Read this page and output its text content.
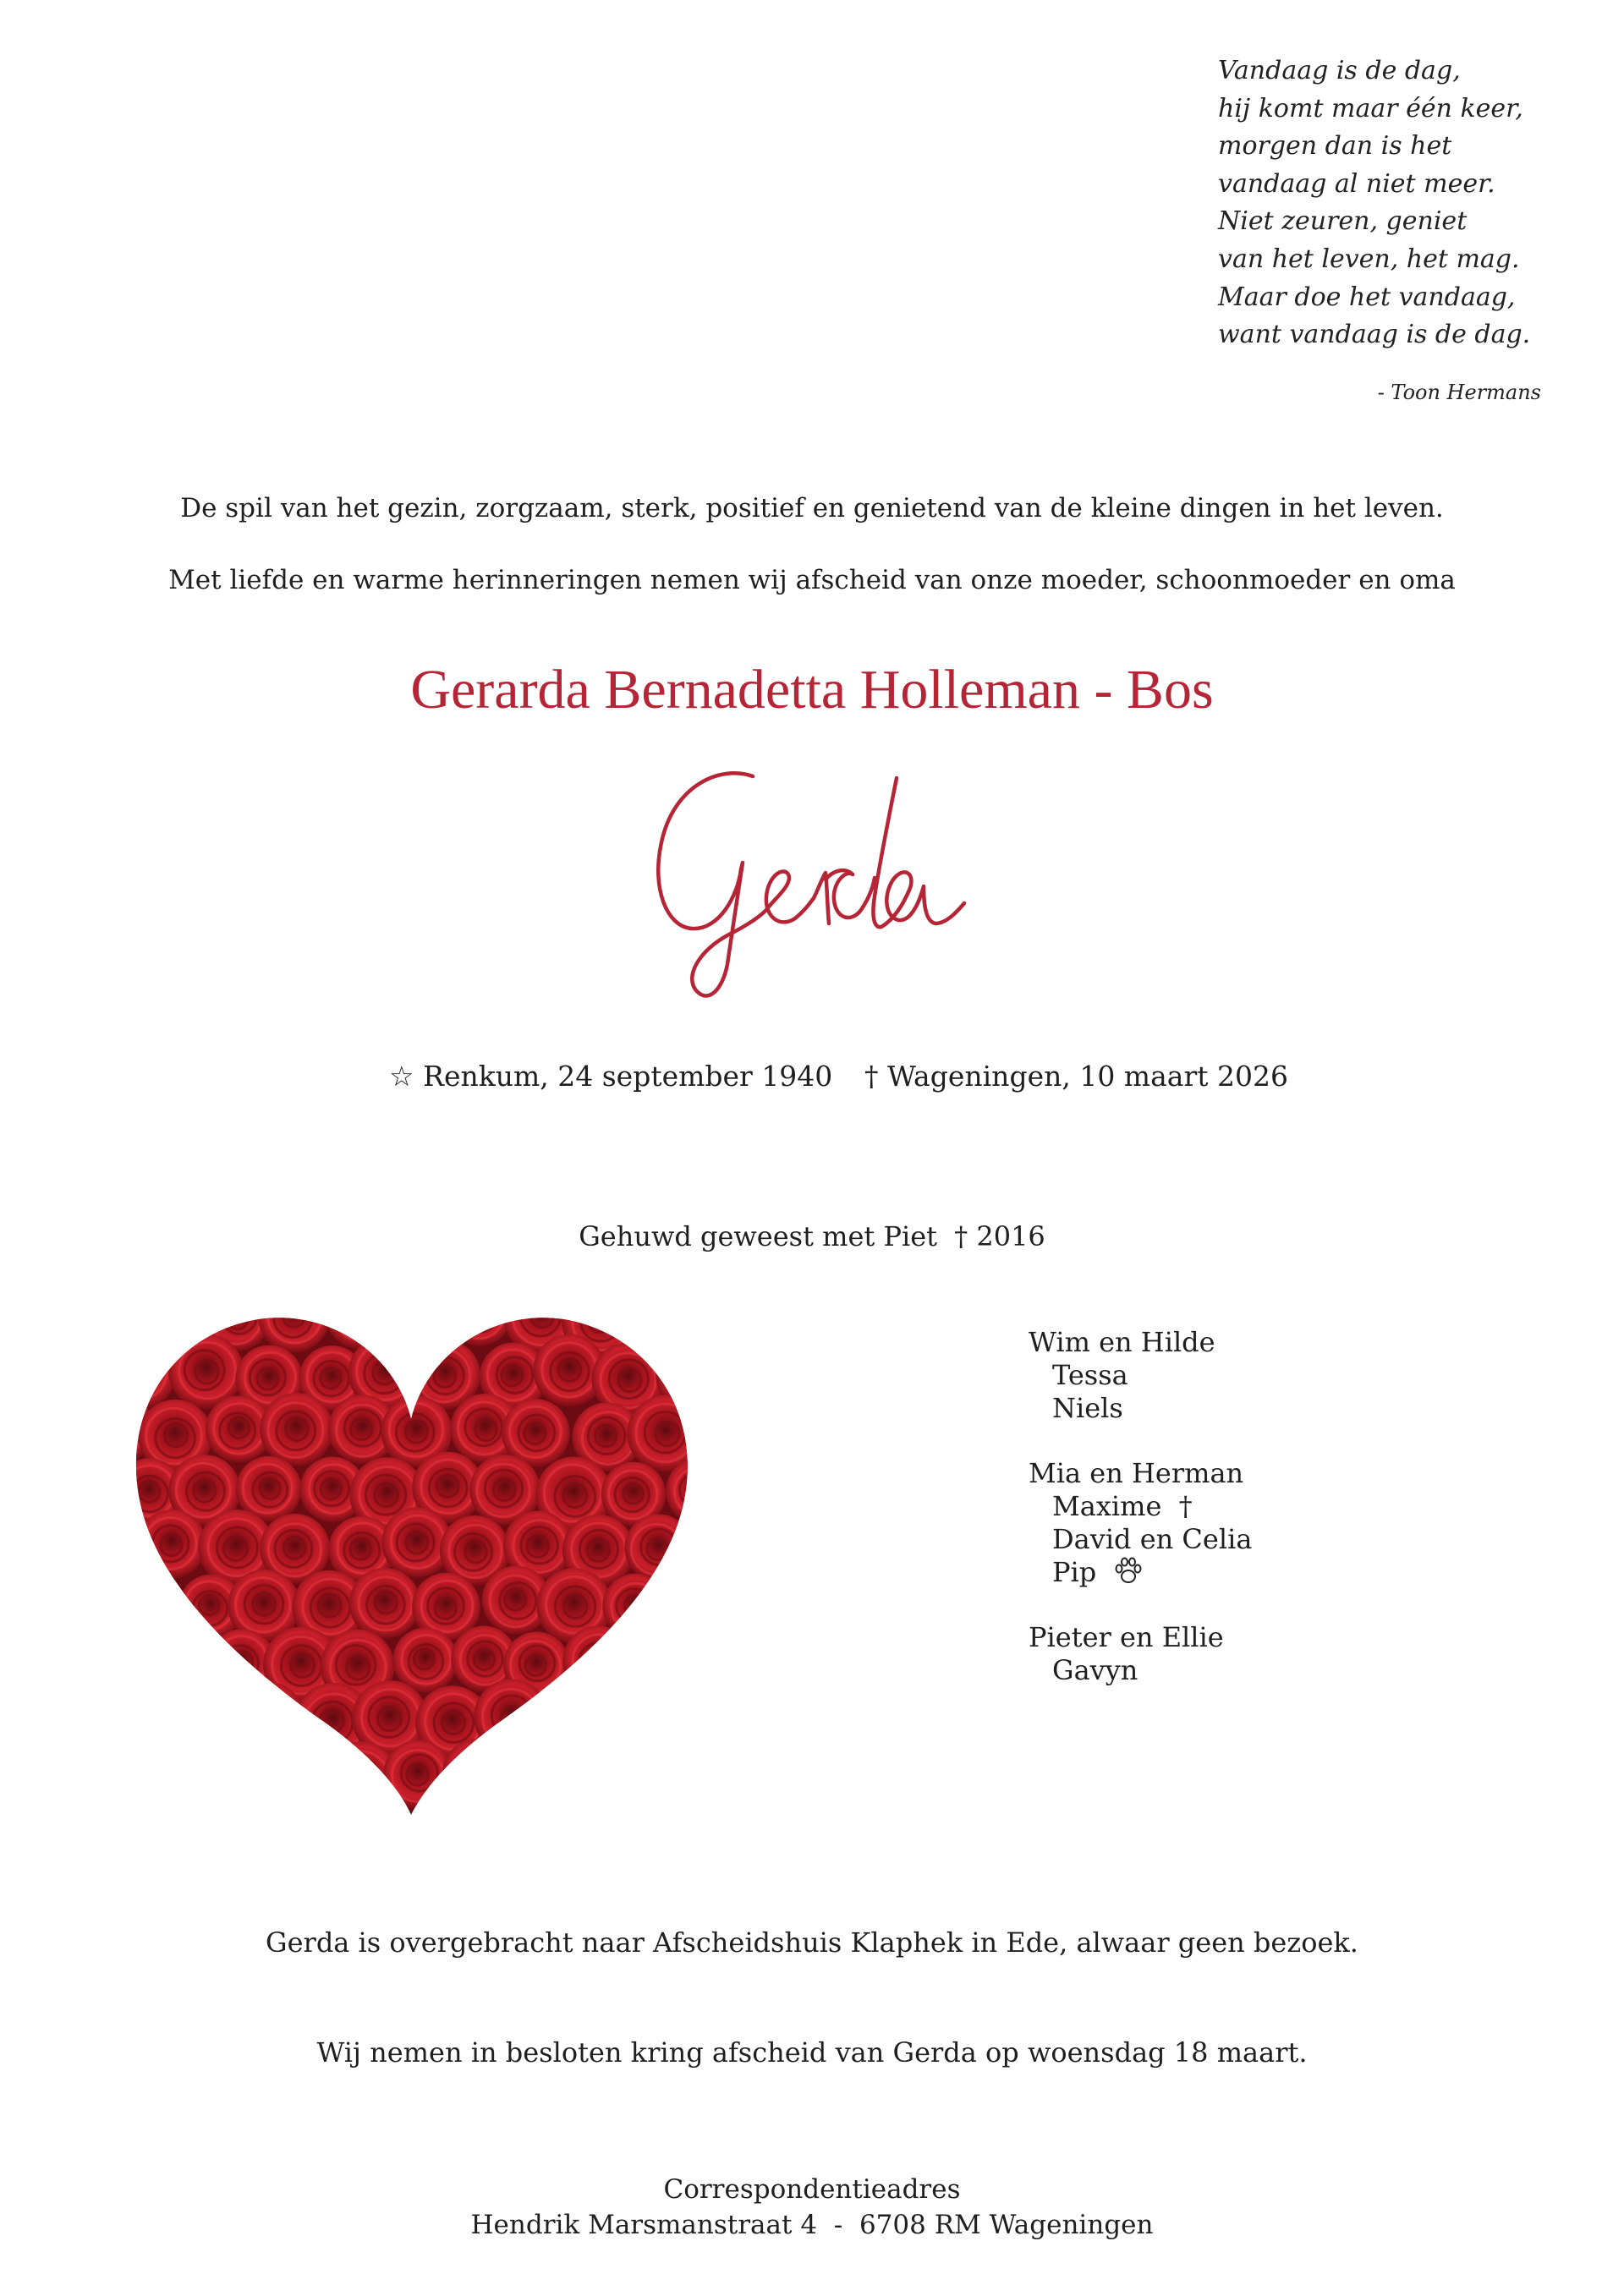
Vandaag is de dag,
hij komt maar één keer,
morgen dan is het
vandaag al niet meer.
Niet zeuren, geniet
van het leven, het mag.
Maar doe het vandaag,
want vandaag is de dag.
- Toon Hermans
De spil van het gezin, zorgzaam, sterk, positief en genietend van de kleine dingen in het leven.
Met liefde en warme herinneringen nemen wij afscheid van onze moeder, schoonmoeder en oma
Gerarda Bernadetta Holleman - Bos
☆ Renkum, 24 september 1940 † Wageningen, 10 maart 2026
Gehuwd geweest met Piet † 2016
Wim en Hilde
Tessa
Niels
Mia en Herman
Maxime †
David en Celia
Pip
Pieter en Ellie
Gavyn
Gerda is overgebracht naar Afscheidshuis Klaphek in Ede, alwaar geen bezoek.
Wij nemen in besloten kring afscheid van Gerda op woensdag 18 maart.
Correspondentieadres
Hendrik Marsmanstraat 4  -  6708 RM Wageningen
